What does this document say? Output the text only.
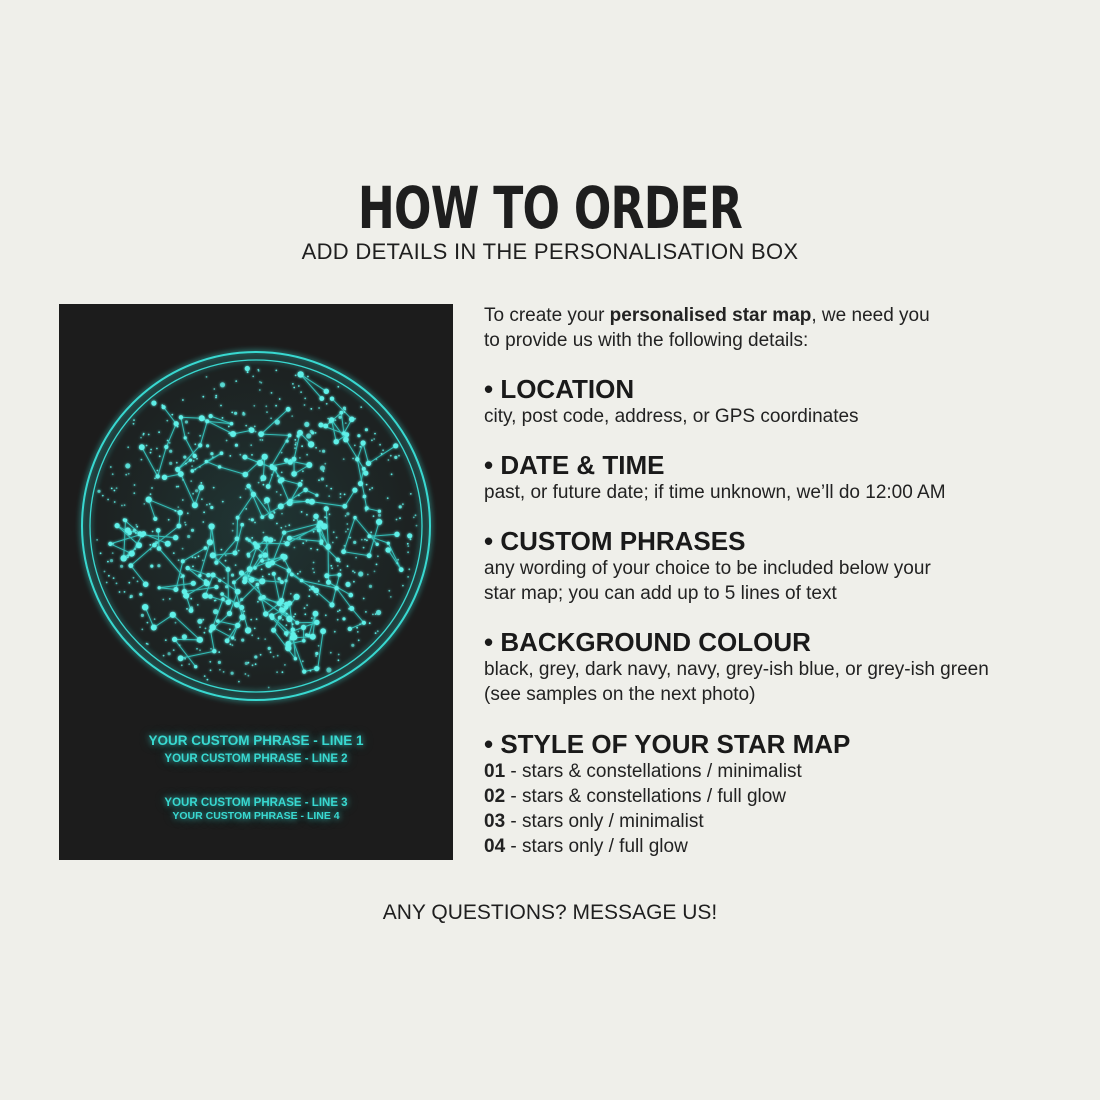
HOW TO ORDER
ADD DETAILS IN THE PERSONALISATION BOX
YOUR CUSTOM PHRASE - LINE 1
YOUR CUSTOM PHRASE - LINE 2
YOUR CUSTOM PHRASE - LINE 3
YOUR CUSTOM PHRASE - LINE 4
To create your personalised star map, we need you
to provide us with the following details:
• LOCATION
city, post code, address, or GPS coordinates
• DATE & TIME
past, or future date; if time unknown, we’ll do 12:00 AM
• CUSTOM PHRASES
any wording of your choice to be included below your
star map; you can add up to 5 lines of text
• BACKGROUND COLOUR
black, grey, dark navy, navy, grey-ish blue, or grey-ish green
(see samples on the next photo)
• STYLE OF YOUR STAR MAP
01 - stars & constellations / minimalist
02 - stars & constellations / full glow
03 - stars only / minimalist
04 - stars only / full glow
ANY QUESTIONS? MESSAGE US!
